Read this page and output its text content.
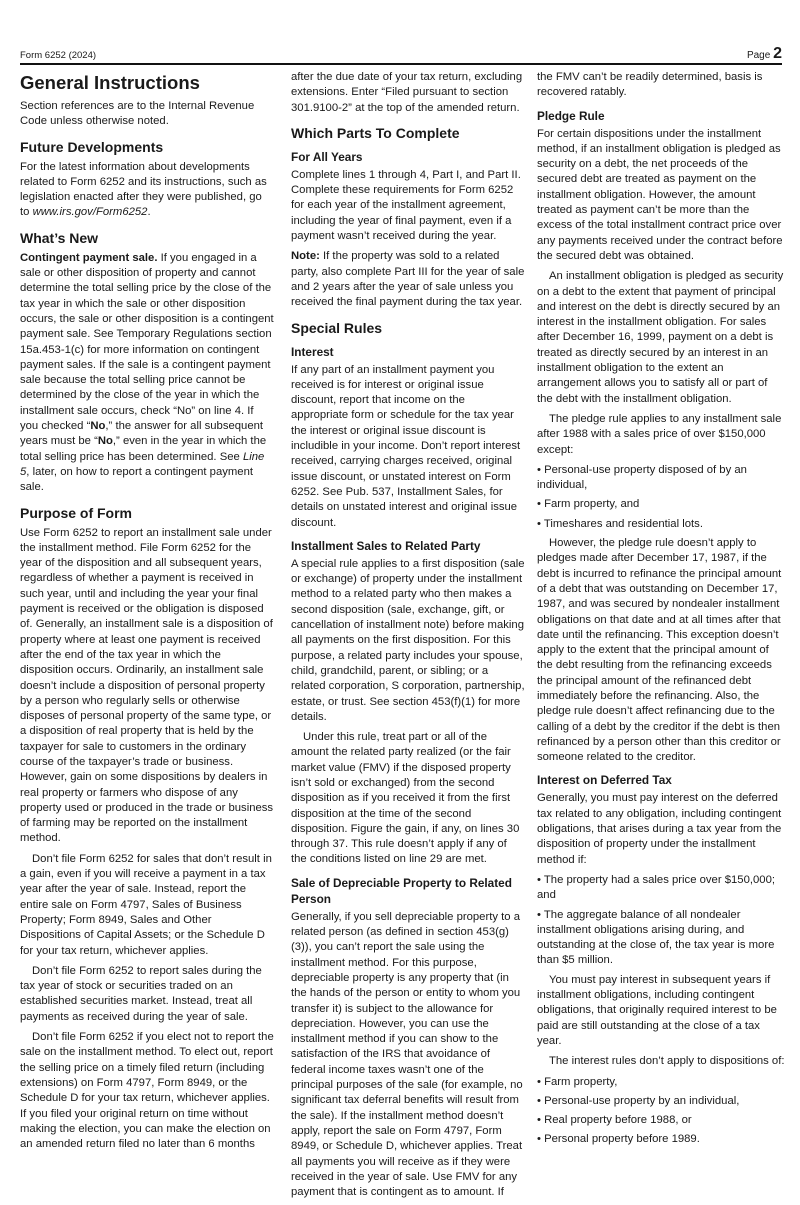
Form 6252 (2024)	Page 2
General Instructions
Section references are to the Internal Revenue Code unless otherwise noted.
Future Developments
For the latest information about developments related to Form 6252 and its instructions, such as legislation enacted after they were published, go to www.irs.gov/Form6252.
What’s New
Contingent payment sale. If you engaged in a sale or other disposition of property and cannot determine the total selling price by the close of the tax year in which the sale or other disposition occurs, the sale or other disposition is a contingent payment sale. See Temporary Regulations section 15a.453-1(c) for more information on contingent payment sales. If the sale is a contingent payment sale because the total selling price cannot be determined by the close of the year in which the installment sale occurs, check “No” on line 4. If you checked “No,” the answer for all subsequent years must be “No,” even in the year in which the total selling price has been determined. See Line 5, later, on how to report a contingent payment sale.
Purpose of Form
Use Form 6252 to report an installment sale under the installment method. File Form 6252 for the year of the disposition and all subsequent years, regardless of whether a payment is received in such year, until and including the year your final payment is received or the obligation is disposed of. Generally, an installment sale is a disposition of property where at least one payment is received after the end of the tax year in which the disposition occurs. Ordinarily, an installment sale doesn’t include a disposition of personal property by a person who regularly sells or otherwise disposes of personal property of the same type, or a disposition of real property that is held by the taxpayer for sale to customers in the ordinary course of the taxpayer’s trade or business. However, gain on some dispositions by dealers in real property or farmers who dispose of any property used or produced in the trade or business of farming may be reported on the installment method.
Don’t file Form 6252 for sales that don’t result in a gain, even if you will receive a payment in a tax year after the year of sale. Instead, report the entire sale on Form 4797, Sales of Business Property; Form 8949, Sales and Other Dispositions of Capital Assets; or the Schedule D for your tax return, whichever applies.
Don’t file Form 6252 to report sales during the tax year of stock or securities traded on an established securities market. Instead, treat all payments as received during the year of sale.
Don’t file Form 6252 if you elect not to report the sale on the installment method. To elect out, report the selling price on a timely filed return (including extensions) on Form 4797, Form 8949, or the Schedule D for your tax return, whichever applies. If you filed your original return on time without making the election, you can make the election on an amended return filed no later than 6 months
after the due date of your tax return, excluding extensions. Enter “Filed pursuant to section 301.9100-2” at the top of the amended return.
Which Parts To Complete
For All Years
Complete lines 1 through 4, Part I, and Part II. Complete these requirements for Form 6252 for each year of the installment agreement, including the year of final payment, even if a payment wasn’t received during the year.
Note: If the property was sold to a related party, also complete Part III for the year of sale and 2 years after the year of sale unless you received the final payment during the tax year.
Special Rules
Interest
If any part of an installment payment you received is for interest or original issue discount, report that income on the appropriate form or schedule for the tax year the interest or original issue discount is includible in your income. Don’t report interest received, carrying charges received, original issue discount, or unstated interest on Form 6252. See Pub. 537, Installment Sales, for details on unstated interest and original issue discount.
Installment Sales to Related Party
A special rule applies to a first disposition (sale or exchange) of property under the installment method to a related party who then makes a second disposition (sale, exchange, gift, or cancellation of installment note) before making all payments on the first disposition. For this purpose, a related party includes your spouse, child, grandchild, parent, or sibling; or a related corporation, S corporation, partnership, estate, or trust. See section 453(f)(1) for more details.
Under this rule, treat part or all of the amount the related party realized (or the fair market value (FMV) if the disposed property isn’t sold or exchanged) from the second disposition as if you received it from the first disposition at the time of the second disposition. Figure the gain, if any, on lines 30 through 37. This rule doesn’t apply if any of the conditions listed on line 29 are met.
Sale of Depreciable Property to Related Person
Generally, if you sell depreciable property to a related person (as defined in section 453(g)(3)), you can’t report the sale using the installment method. For this purpose, depreciable property is any property that (in the hands of the person or entity to whom you transfer it) is subject to the allowance for depreciation. However, you can use the installment method if you can show to the satisfaction of the IRS that avoidance of federal income taxes wasn’t one of the principal purposes of the sale (for example, no significant tax deferral benefits will result from the sale). If the installment method doesn’t apply, report the sale on Form 4797, Form 8949, or Schedule D, whichever applies. Treat all payments you will receive as if they were received in the year of sale. Use FMV for any payment that is contingent as to amount. If
the FMV can’t be readily determined, basis is recovered ratably.
Pledge Rule
For certain dispositions under the installment method, if an installment obligation is pledged as security on a debt, the net proceeds of the secured debt are treated as payment on the installment obligation. However, the amount treated as payment can’t be more than the excess of the total installment contract price over any payments received under the contract before the secured debt was obtained.
An installment obligation is pledged as security on a debt to the extent that payment of principal and interest on the debt is directly secured by an interest in the installment obligation. For sales after December 16, 1999, payment on a debt is treated as directly secured by an interest in an installment obligation to the extent an arrangement allows you to satisfy all or part of the debt with the installment obligation.
The pledge rule applies to any installment sale after 1988 with a sales price of over $150,000 except:
• Personal-use property disposed of by an individual,
• Farm property, and
• Timeshares and residential lots.
However, the pledge rule doesn’t apply to pledges made after December 17, 1987, if the debt is incurred to refinance the principal amount of a debt that was outstanding on December 17, 1987, and was secured by nondealer installment obligations on that date and at all times after that date until the refinancing. This exception doesn’t apply to the extent that the principal amount of the debt resulting from the refinancing exceeds the principal amount of the refinanced debt immediately before the refinancing. Also, the pledge rule doesn’t affect refinancing due to the calling of a debt by the creditor if the debt is then refinanced by a person other than this creditor or someone related to the creditor.
Interest on Deferred Tax
Generally, you must pay interest on the deferred tax related to any obligation, including contingent obligations, that arises during a tax year from the disposition of property under the installment method if:
• The property had a sales price over $150,000; and
• The aggregate balance of all nondealer installment obligations arising during, and outstanding at the close of, the tax year is more than $5 million.
You must pay interest in subsequent years if installment obligations, including contingent obligations, that originally required interest to be paid are still outstanding at the close of a tax year.
The interest rules don’t apply to dispositions of:
• Farm property,
• Personal-use property by an individual,
• Real property before 1988, or
• Personal property before 1989.
